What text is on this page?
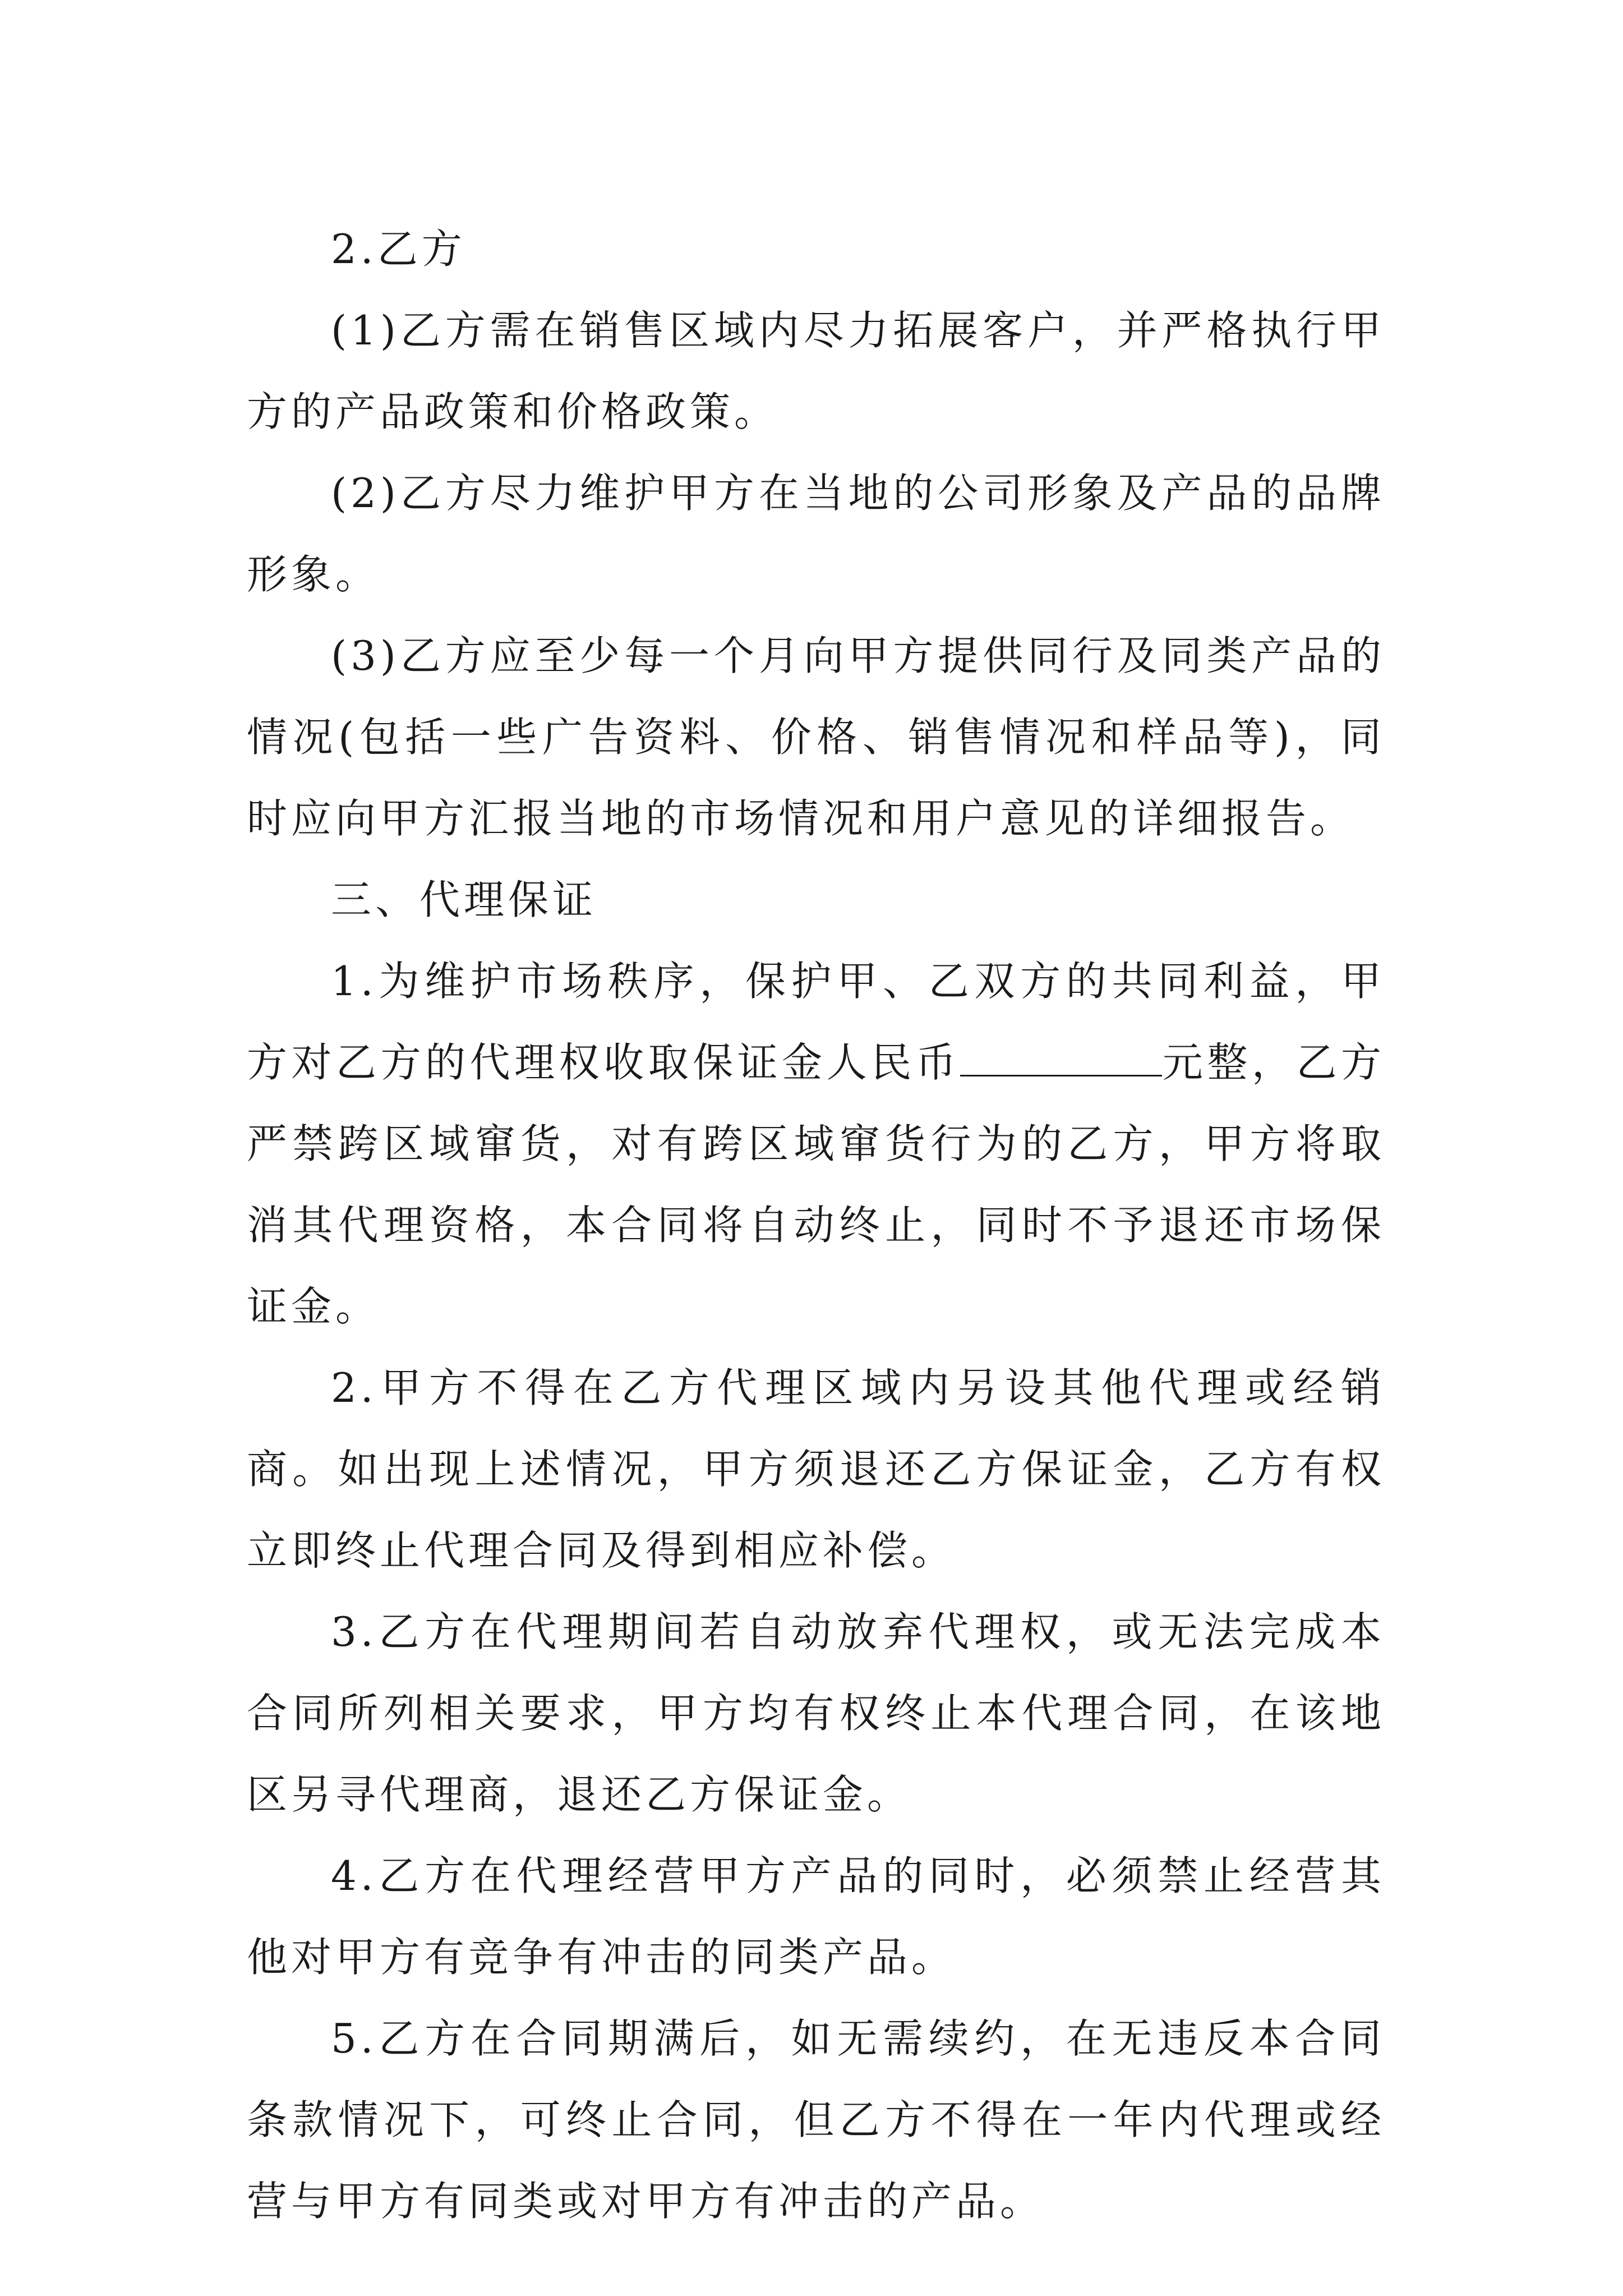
2.乙方

(1)乙方需在销售区域内尽力拓展客户，并严格执行甲方的产品政策和价格政策。

(2)乙方尽力维护甲方在当地的公司形象及产品的品牌形象。

(3)乙方应至少每一个月向甲方提供同行及同类产品的情况(包括一些广告资料、价格、销售情况和样品等)，同时应向甲方汇报当地的市场情况和用户意见的详细报告。

三、代理保证

1.为维护市场秩序，保护甲、乙双方的共同利益，甲方对乙方的代理权收取保证金人民币	元整，乙方严禁跨区域窜货，对有跨区域窜货行为的乙方，甲方将取消其代理资格，本合同将自动终止，同时不予退还市场保证金。

2.甲方不得在乙方代理区域内另设其他代理或经销商。如出现上述情况，甲方须退还乙方保证金，乙方有权立即终止代理合同及得到相应补偿。

3.乙方在代理期间若自动放弃代理权，或无法完成本合同所列相关要求，甲方均有权终止本代理合同，在该地区另寻代理商，退还乙方保证金。

4.乙方在代理经营甲方产品的同时，必须禁止经营其他对甲方有竞争有冲击的同类产品。

5.乙方在合同期满后，如无需续约，在无违反本合同条款情况下，可终止合同，但乙方不得在一年内代理或经营与甲方有同类或对甲方有冲击的产品。
